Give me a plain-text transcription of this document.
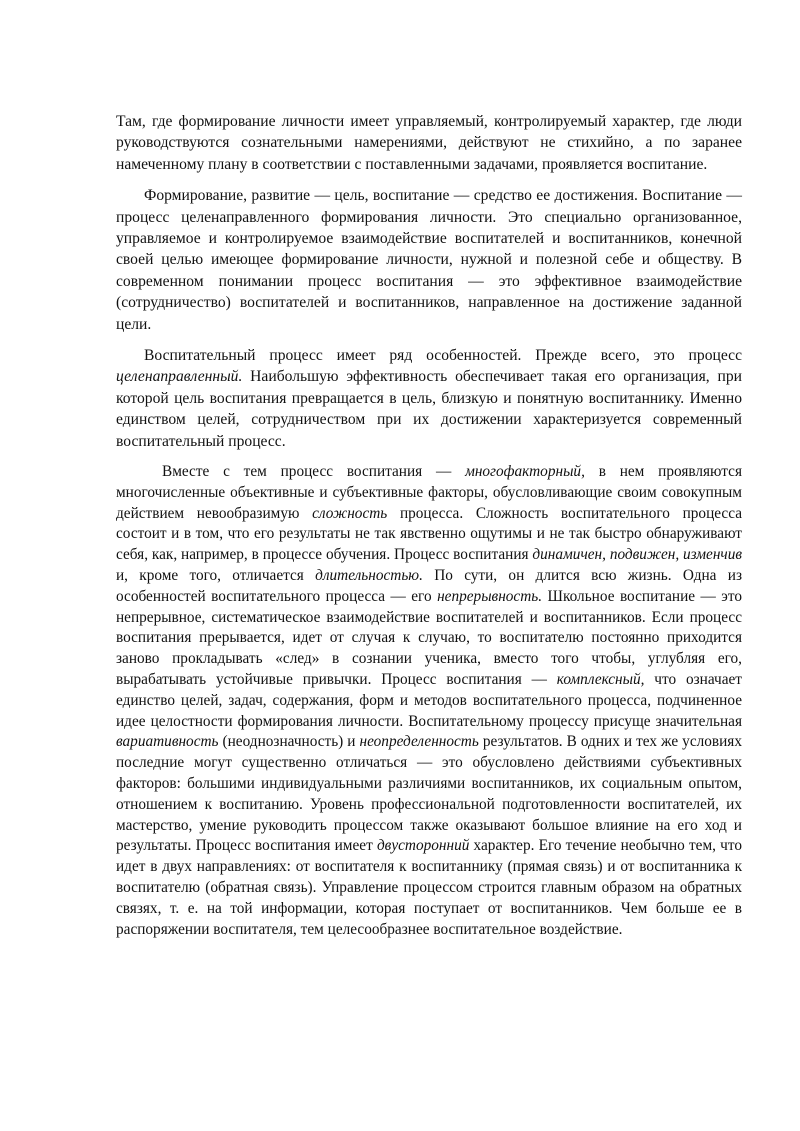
Там, где формирование личности имеет управляемый, контролируемый характер, где люди руководствуются сознательными намерениями, действуют не стихийно, а по заранее намеченному плану в соответствии с поставленными задачами, проявляется воспитание.

Формирование, развитие — цель, воспитание — средство ее достижения. Воспитание — процесс целенаправленного формирования личности. Это специально организованное, управляемое и контролируемое взаимодействие воспитателей и воспитанников, конечной своей целью имеющее формирование личности, нужной и полезной себе и обществу. В современном понимании процесс воспитания — это эффективное взаимодействие (сотрудничество) воспитателей и воспитанников, направленное на достижение заданной цели.

Воспитательный процесс имеет ряд особенностей. Прежде всего, это процесс целенаправленный. Наибольшую эффективность обеспечивает такая его организация, при которой цель воспитания превращается в цель, близкую и понятную воспитаннику. Именно единством целей, сотрудничеством при их достижении характеризуется современный воспитательный процесс.

Вместе с тем процесс воспитания — многофакторный, в нем проявляются многочисленные объективные и субъективные факторы, обусловливающие своим совокупным действием невообразимую сложность процесса. Сложность воспитательного процесса состоит и в том, что его результаты не так явственно ощутимы и не так быстро обнаруживают себя, как, например, в процессе обучения. Процесс воспитания динамичен, подвижен, изменчив и, кроме того, отличается длительностью. По сути, он длится всю жизнь. Одна из особенностей воспитательного процесса — его непрерывность. Школьное воспитание — это непрерывное, систематическое взаимодействие воспитателей и воспитанников. Если процесс воспитания прерывается, идет от случая к случаю, то воспитателю постоянно приходится заново прокладывать «след» в сознании ученика, вместо того чтобы, углубляя его, вырабатывать устойчивые привычки. Процесс воспитания — комплексный, что означает единство целей, задач, содержания, форм и методов воспитательного процесса, подчиненное идее целостности формирования личности. Воспитательному процессу присуще значительная вариативность (неоднозначность) и неопределенность результатов. В одних и тех же условиях последние могут существенно отличаться — это обусловлено действиями субъективных факторов: большими индивидуальными различиями воспитанников, их социальным опытом, отношением к воспитанию. Уровень профессиональной подготовленности воспитателей, их мастерство, умение руководить процессом также оказывают большое влияние на его ход и результаты. Процесс воспитания имеет двусторонний характер. Его течение необычно тем, что идет в двух направлениях: от воспитателя к воспитаннику (прямая связь) и от воспитанника к воспитателю (обратная связь). Управление процессом строится главным образом на обратных связях, т. е. на той информации, которая поступает от воспитанников. Чем больше ее в распоряжении воспитателя, тем целесообразнее воспитательное воздействие.
